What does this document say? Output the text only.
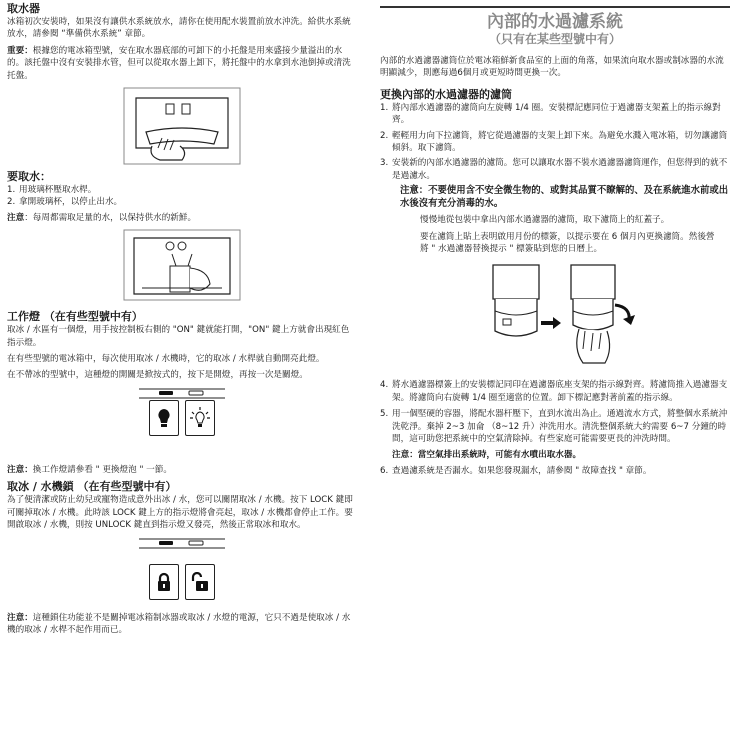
取水器

冰箱初次安裝時，如果沒有讓供水系統放水，請你在使用配水裝置前放水沖洗。給供水系統放水，請參閱 “準備供水系統” 章節。

重要：根據您的電冰箱型號，安在取水器底部的可卸下的小托盤是用來盛接少量溢出的水的。該托盤中沒有安裝排水管，但可以從取水器上卸下，將托盤中的水拿到水池倒掉或清洗托盤。

要取水：

1. 用玻璃杯壓取水桿。
2. 拿開玻璃杯，以停止出水。

注意：每周都需取足量的水，以保持供水的新鮮。

工作燈 （在有些型號中有）

取冰 / 水區有一個燈，用手按控制板右側的 "ON" 鍵就能打開，"ON" 鍵上方就會出現紅色指示燈。

在有些型號的電冰箱中，每次使用取冰 / 水機時，它的取冰 / 水桿就自動開亮此燈。

在不帶冰的型號中，這種燈的開關是掀按式的，按下是開燈，再按一次是關燈。

注意：換工作燈請參看 " 更換燈泡 " 一節。

取冰 / 水機鎖 （在有些型號中有）

為了便清潔或防止幼兒或寵物造成意外出冰 / 水，您可以關閉取冰 / 水機。按下 LOCK 鍵即可關掉取冰 / 水機。此時該 LOCK 鍵上方的指示燈將會亮起，取冰 / 水機都會停止工作。要開啟取冰 / 水機，則按 UNLOCK 鍵直到指示燈又發亮，然後正常取冰和取水。

注意：這種鎖住功能並不是關掉電冰箱制冰器或取冰 / 水燈的電源，它只不過是使取冰 / 水機的取冰 / 水桿不起作用而已。

內部的水過濾系統

（只有在某些型號中有）

內部的水過濾器濾筒位於電冰箱鮮新食品室的上面的角落，如果流向取水器或制冰器的水流明顯減少，則應每過6個月或更短時間更換一次。

更換內部的水過濾器的濾筒

1. 將內部水過濾器的濾筒向左旋轉 1/4 圈。安裝標記應同位于過濾器支架蓋上的指示線對齊。
2. 輕輕用力向下拉濾筒，將它從過濾器的支架上卸下來。為避免水濺入電冰箱，切勿讓濾筒傾斜。取下濾筒。
3. 安裝新的內部水過濾器的濾筒。您可以讓取水器不裝水過濾器濾筒運作，但您得到的就不是過濾水。

注意：不要使用含不安全微生物的、或對其品質不瞭解的、及在系統進水前或出水後沒有充分消毒的水。

慢慢地從包裝中拿出內部水過濾器的濾筒，取下濾筒上的紅蓋子。

要在濾筒上貼上表明啟用月份的標簽，以提示要在 6 個月內更換濾筒。然後營將 " 水過濾器替換提示 " 標簽貼到您的日曆上。

4. 將水過濾器標簽上的安裝標記同印在過濾器底座支架的指示線對齊。將濾筒推入過濾器支架。將濾筒向右旋轉 1/4 圈至適當的位置。卸下標記應對著前蓋的指示線。
5. 用一個堅硬的容器，將配水器杆壓下，直到水流出為止。通過流水方式，將整個水系統沖洗乾淨。棄掉 2~3 加侖 （8~12 升）沖洗用水。清洗整個系統大約需要 6~7 分鐘的時間，這可助您把系統中的空氣清除掉。有些家庭可能需要更長的沖洗時間。

注意：當空氣排出系統時，可能有水噴出取水器。

6. 查過濾系統是否漏水。如果您發現漏水，請參閱 " 故障查找 " 章節。
